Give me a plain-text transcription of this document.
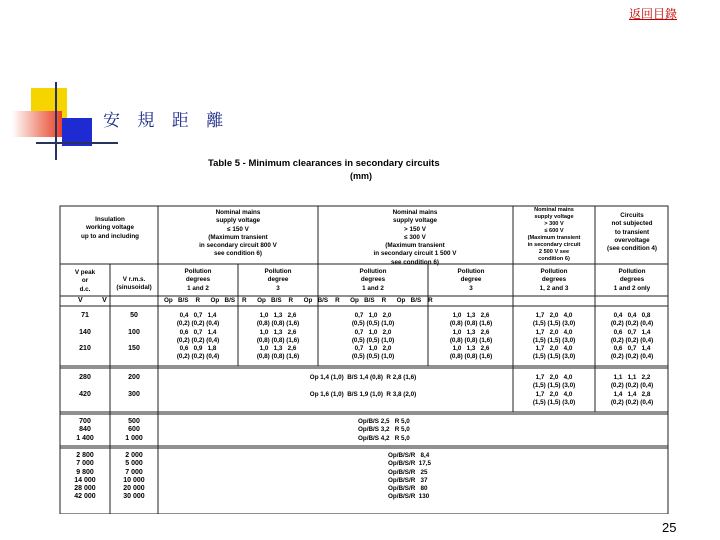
返回目錄
安 規 距 離
25
Table 5 - Minimum clearances in secondary circuits
(mm)
Insulation
working voltage
up to and including
Nominal mains
supply voltage
≤ 150 V
(Maximum transient
in secondary circuit 800 V
see condition 6)
Nominal mains
supply voltage
> 150 V
≤ 300 V
(Maximum transient
in secondary circuit 1 500 V
see condition 6)
Nominal mains
supply voltage
> 300 V
≤ 600 V
(Maximum transient
in secondary circuit
2 500 V see
condition 6)
Circuits
not subjected
to transient
overvoltage
(see condition 4)
V peak
or
d.c.
V r.m.s.
(sinusoidal)
Pollution
degrees
1 and 2
Pollution
degree
3
Pollution
degrees
1 and 2
Pollution
degree
3
Pollution
degrees
1, 2 and 3
Pollution
degrees
1 and 2 only
V          V	Op   B/S    R      Op   B/S    R      Op   B/S    R      Op   B/S    R      Op   B/S    R      Op   B/S    R
71

140

210
50

100

150
0,4   0,7   1,4
(0,2) (0,2) (0,4)
0,6   0,7   1,4
(0,2) (0,2) (0,4)
0,6   0,9   1,8
(0,2) (0,2) (0,4)
1,0   1,3   2,6
(0,8) (0,8) (1,6)
1,0   1,3   2,6
(0,8) (0,8) (1,6)
1,0   1,3   2,6
(0,8) (0,8) (1,6)
0,7   1,0   2,0
(0,5) (0,5) (1,0)
0,7   1,0   2,0
(0,5) (0,5) (1,0)
0,7   1,0   2,0
(0,5) (0,5) (1,0)
1,0   1,3   2,6
(0,8) (0,8) (1,6)
1,0   1,3   2,6
(0,8) (0,8) (1,6)
1,0   1,3   2,6
(0,8) (0,8) (1,6)
1,7   2,0   4,0
(1,5) (1,5) (3,0)
1,7   2,0   4,0
(1,5) (1,5) (3,0)
1,7   2,0   4,0
(1,5) (1,5) (3,0)
0,4   0,4   0,8
(0,2) (0,2) (0,4)
0,6   0,7   1,4
(0,2) (0,2) (0,4)
0,6   0,7   1,4
(0,2) (0,2) (0,4)
280

420
200

300
Op 1,4 (1,0)  B/S 1,4 (0,8)  R 2,8 (1,6)

Op 1,6 (1,0)  B/S 1,9 (1,0)  R 3,8 (2,0)
1,7   2,0   4,0
(1,5) (1,5) (3,0)
1,7   2,0   4,0
(1,5) (1,5) (3,0)
1,1   1,1   2,2
(0,2) (0,2) (0,4)
1,4   1,4   2,8
(0,2) (0,2) (0,4)
700
840
1 400
500
600
1 000
Op/B/S 2,5   R 5,0
Op/B/S 3,2   R 5,0
Op/B/S 4,2   R 5,0
2 800
7 000
9 800
14 000
28 000
42 000
2 000
5 000
7 000
10 000
20 000
30 000
Op/B/S/R   8,4
Op/B/S/R  17,5
Op/B/S/R   25
Op/B/S/R   37
Op/B/S/R   80
Op/B/S/R  130
